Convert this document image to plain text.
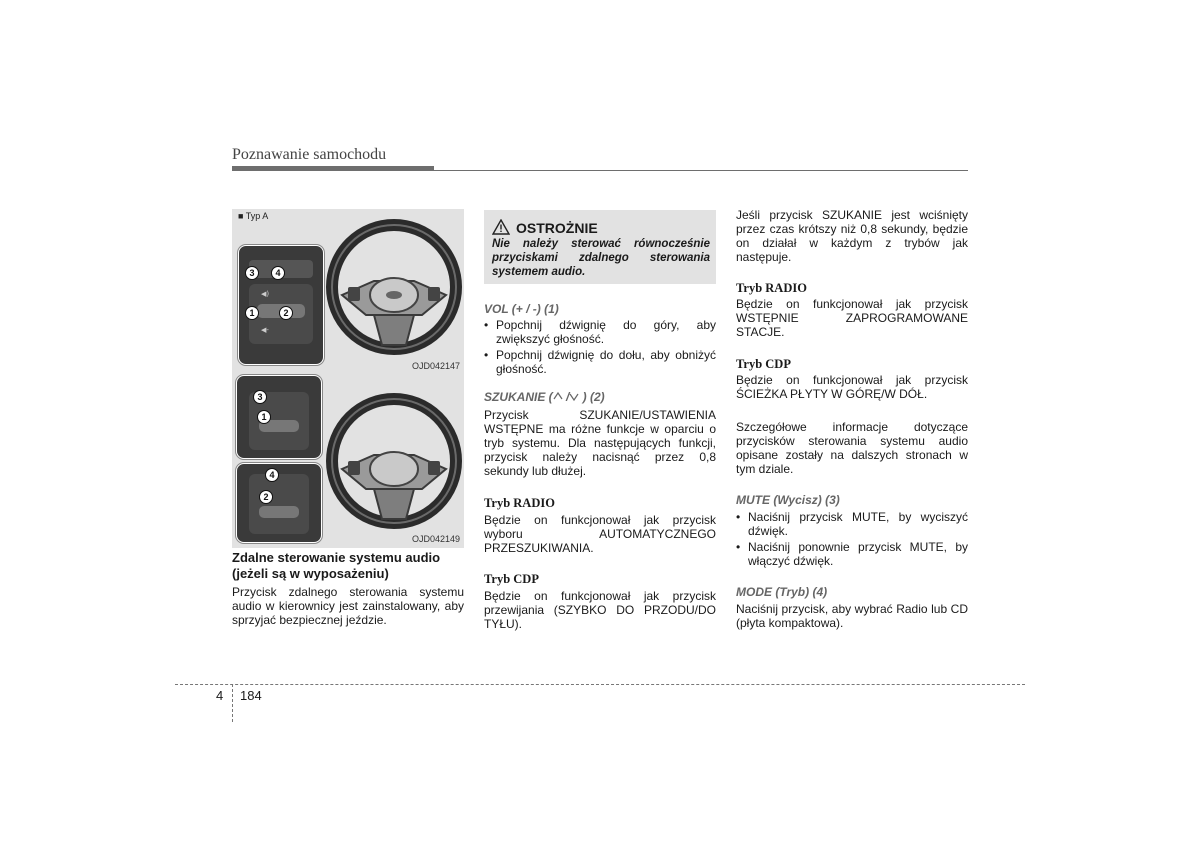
Poznawanie samochodu
■ Typ A
◀)
◀-
3	4
1	2
OJD042147
3
1
4
2
OJD042149
Zdalne sterowanie systemu audio (jeżeli są w wyposażeniu)
Przycisk zdalnego sterowania systemu audio w kierownicy jest zainstalowany, aby sprzyjać bezpiecznej jeździe.
OSTROŻNIE
Nie należy sterować równocześnie przyciskami zdalnego sterowania systemem audio.
VOL (+ / -) (1)
• Popchnij dźwignię do góry, aby zwiększyć głośność.
• Popchnij dźwignię do dołu, aby obniżyć głośność.
SZUKANIE ( / ) (2)
Przycisk SZUKANIE/USTAWIENIA WSTĘPNE ma różne funkcje w oparciu o tryb systemu. Dla następujących funkcji, przycisk należy nacisnąć przez 0,8 sekundy lub dłużej.
Tryb RADIO
Będzie on funkcjonował jak przycisk wyboru AUTOMATYCZNEGO PRZESZUKIWANIA.
Tryb CDP
Będzie on funkcjonował jak przycisk przewijania (SZYBKO DO PRZODU/DO TYŁU).
Jeśli przycisk SZUKANIE jest wciśnięty przez czas krótszy niż 0,8 sekundy, będzie on działał w każdym z trybów jak następuje.
Tryb RADIO
Będzie on funkcjonował jak przycisk WSTĘPNIE ZAPROGRAMOWANE STACJE.
Tryb CDP
Będzie on funkcjonował jak przycisk ŚCIEŻKA PŁYTY W GÓRĘ/W DÓŁ.
Szczegółowe informacje dotyczące przycisków sterowania systemu audio opisane zostały na dalszych stronach w tym dziale.
MUTE (Wycisz) (3)
• Naciśnij przycisk MUTE, by wyciszyć dźwięk.
• Naciśnij ponownie przycisk MUTE, by włączyć dźwięk.
MODE (Tryb) (4)
Naciśnij przycisk, aby wybrać Radio lub CD (płyta kompaktowa).
4 184
